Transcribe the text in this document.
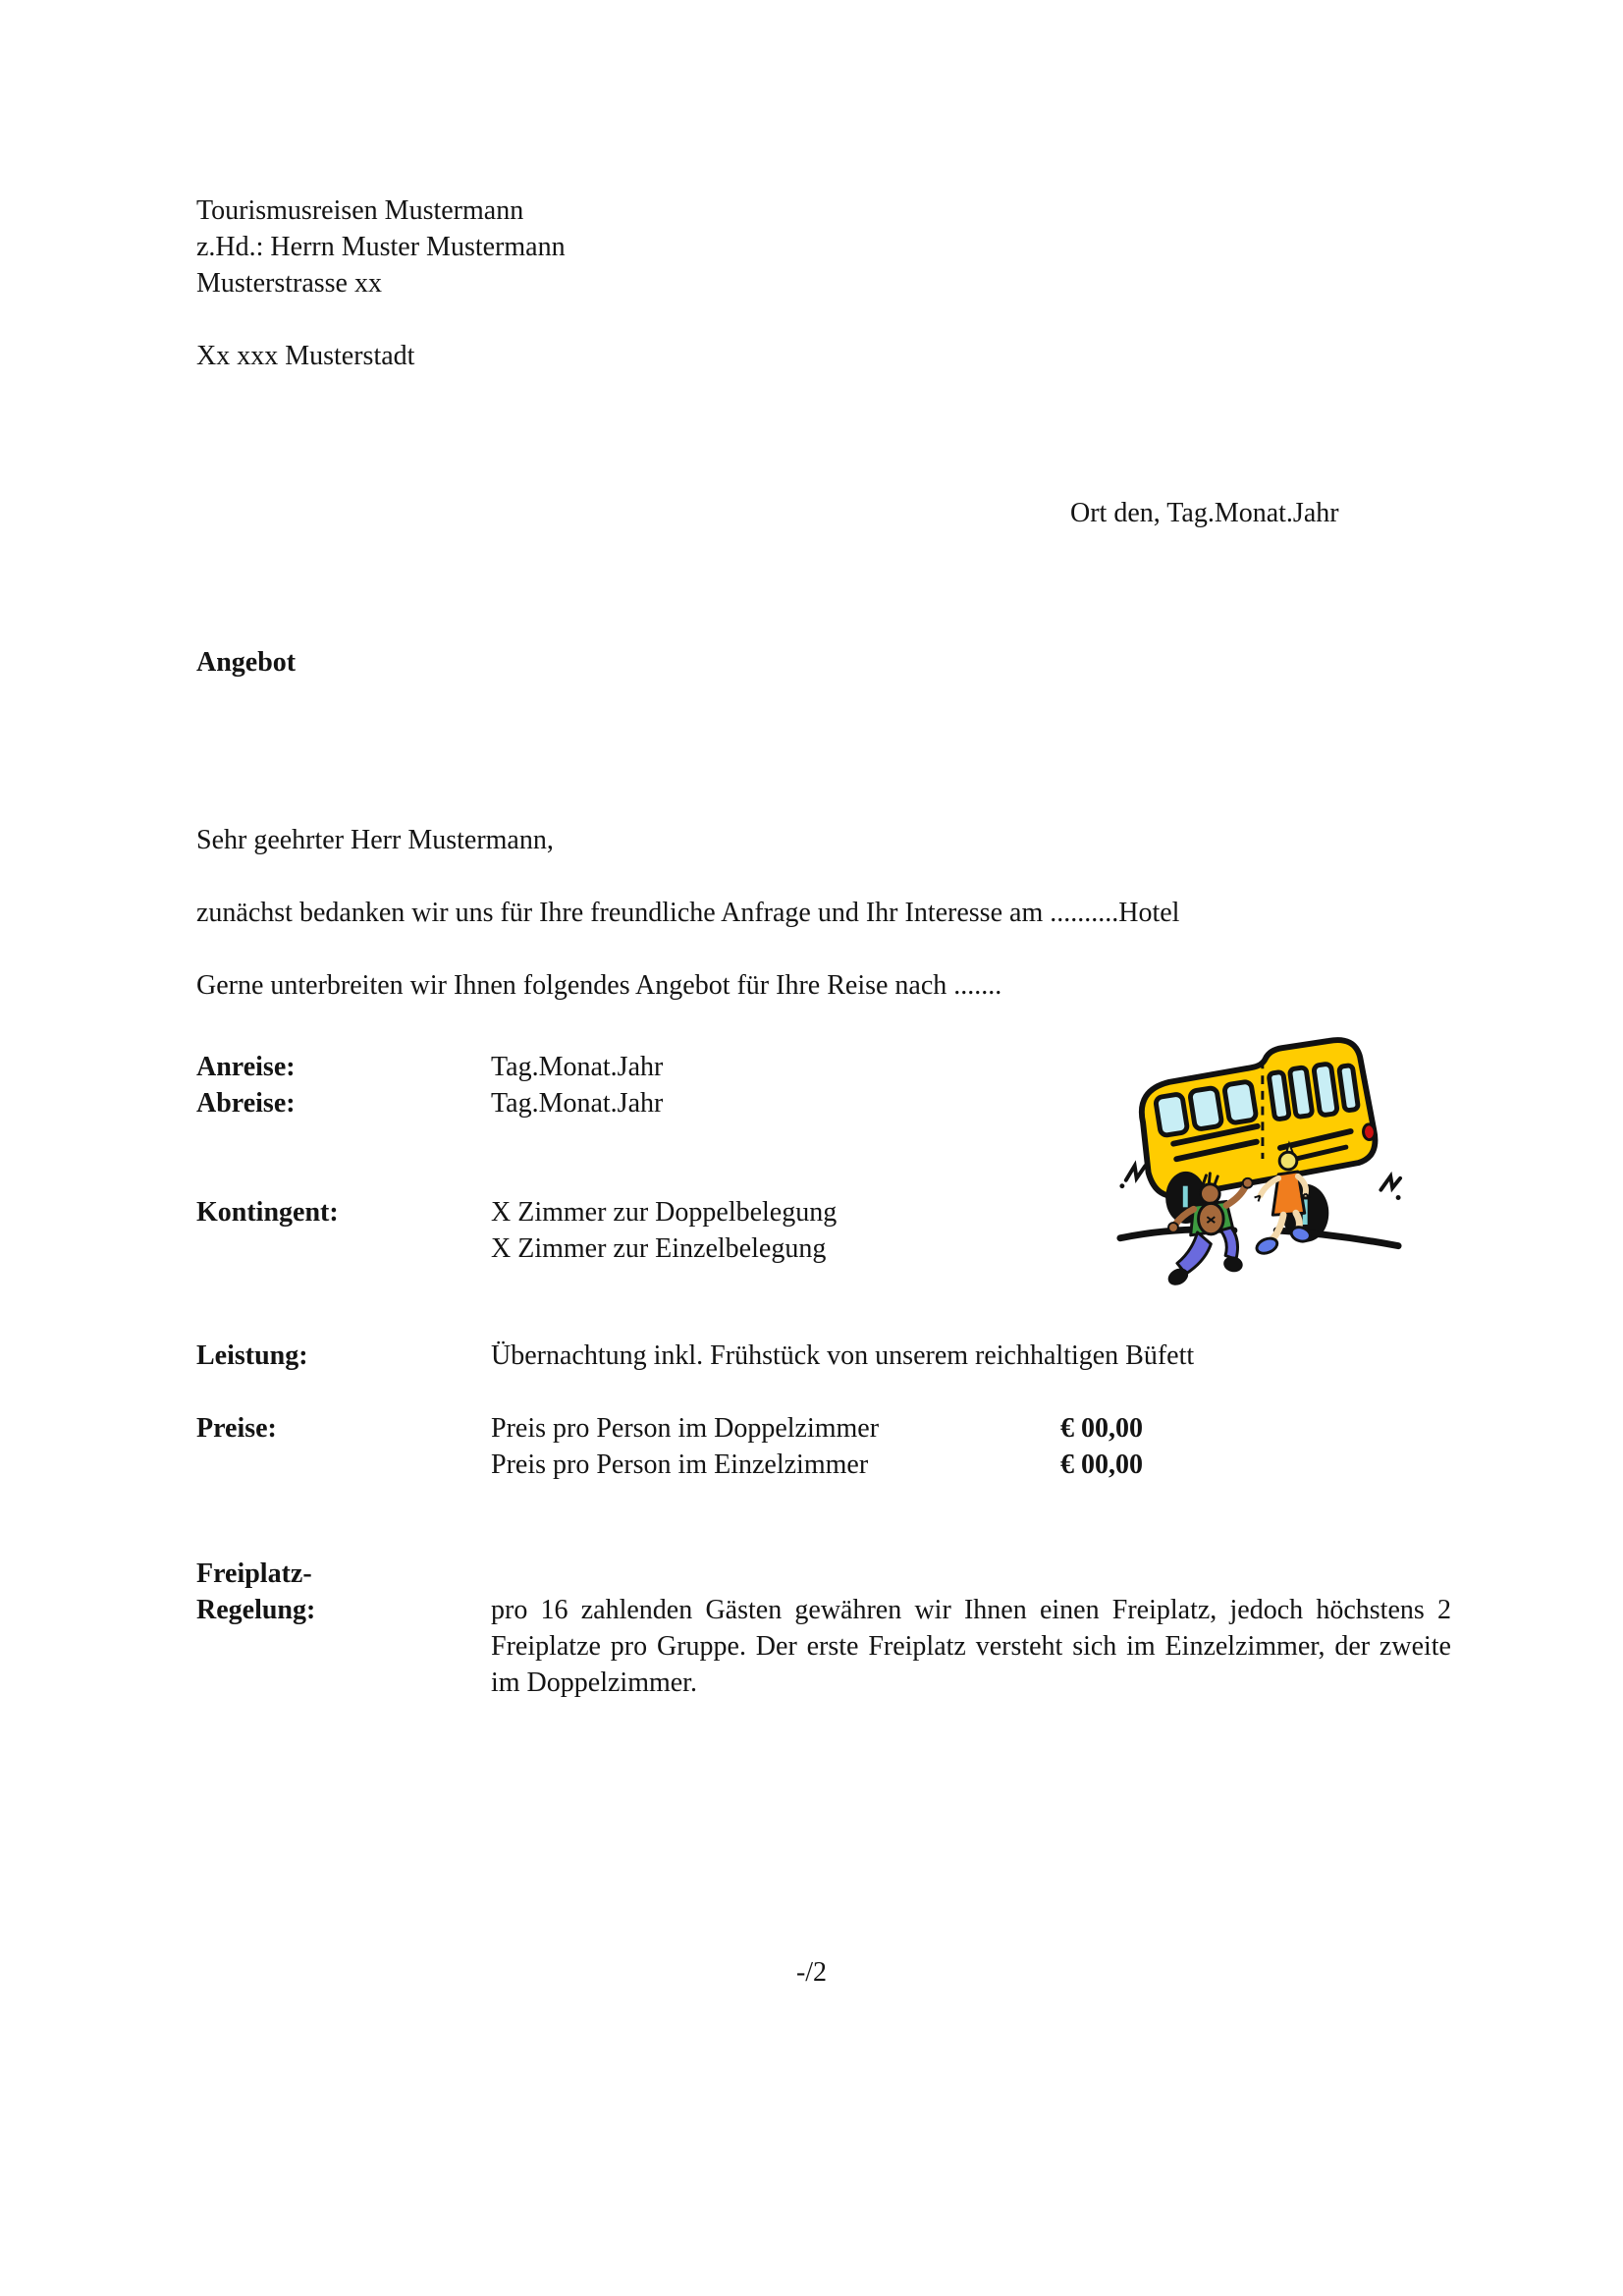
Tourismusreisen Mustermann
z.Hd.: Herrn Muster Mustermann
Musterstrasse xx
Xx xxx Musterstadt
Ort den, Tag.Monat.Jahr
Angebot
Sehr geehrter Herr Mustermann,
zunächst bedanken wir uns für Ihre freundliche Anfrage und Ihr Interesse am ..........Hotel
Gerne unterbreiten wir Ihnen folgendes Angebot für Ihre Reise nach .......
Anreise:	Tag.Monat.Jahr
Abreise:	Tag.Monat.Jahr
Kontingent:	X Zimmer zur Doppelbelegung
X Zimmer zur Einzelbelegung
Leistung:	Übernachtung inkl. Frühstück von unserem reichhaltigen Büfett
Preise:	Preis pro Person im Doppelzimmer	€ 00,00
Preis pro Person im Einzelzimmer	€ 00,00
Freiplatz-
Regelung:	pro 16 zahlenden Gästen gewähren wir Ihnen einen Freiplatz, jedoch höchstens 2 Freiplatze pro Gruppe. Der erste Freiplatz versteht sich im Einzelzimmer, der zweite im Doppelzimmer.
-/2
